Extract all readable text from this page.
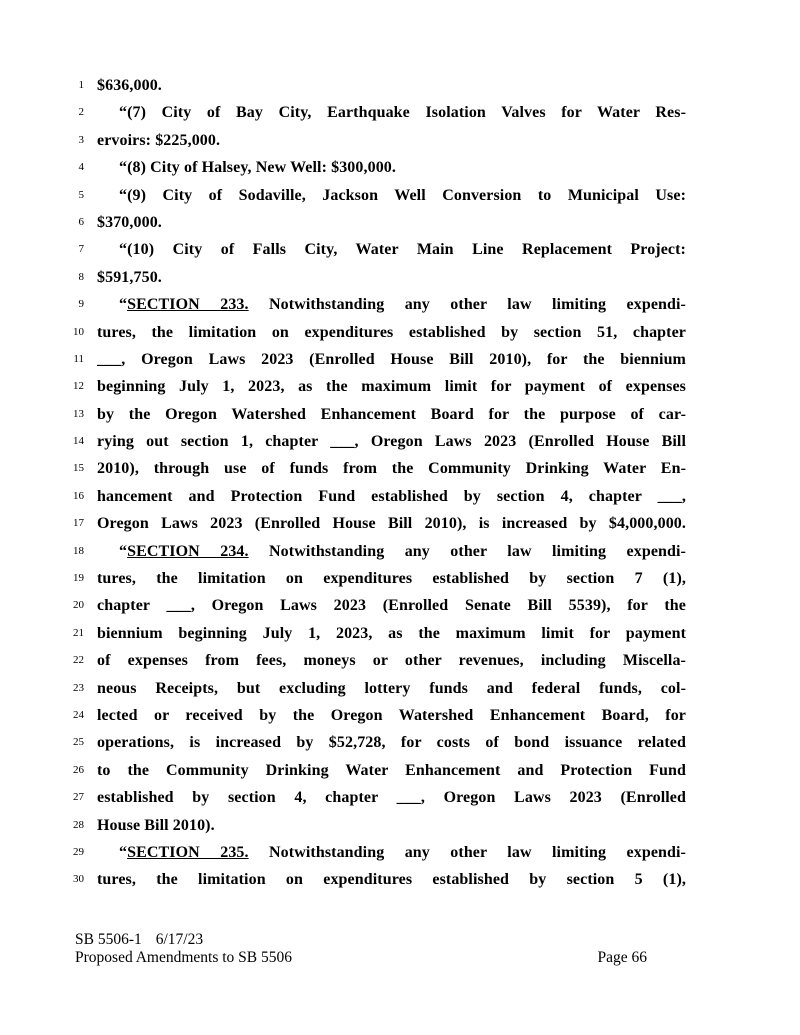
1 $636,000.
2	“(7) City of Bay City, Earthquake Isolation Valves for Water Res-
3 ervoirs: $225,000.
4	“(8) City of Halsey, New Well: $300,000.
5	“(9) City of Sodaville, Jackson Well Conversion to Municipal Use:
6 $370,000.
7	“(10) City of Falls City, Water Main Line Replacement Project:
8 $591,750.
9	“SECTION 233. Notwithstanding any other law limiting expendi-
10 tures, the limitation on expenditures established by section 51, chapter
11 ___, Oregon Laws 2023 (Enrolled House Bill 2010), for the biennium
12 beginning July 1, 2023, as the maximum limit for payment of expenses
13 by the Oregon Watershed Enhancement Board for the purpose of car-
14 rying out section 1, chapter ___, Oregon Laws 2023 (Enrolled House Bill
15 2010), through use of funds from the Community Drinking Water En-
16 hancement and Protection Fund established by section 4, chapter ___,
17 Oregon Laws 2023 (Enrolled House Bill 2010), is increased by $4,000,000.
18	“SECTION 234. Notwithstanding any other law limiting expendi-
19 tures, the limitation on expenditures established by section 7 (1),
20 chapter ___, Oregon Laws 2023 (Enrolled Senate Bill 5539), for the
21 biennium beginning July 1, 2023, as the maximum limit for payment
22 of expenses from fees, moneys or other revenues, including Miscella-
23 neous Receipts, but excluding lottery funds and federal funds, col-
24 lected or received by the Oregon Watershed Enhancement Board, for
25 operations, is increased by $52,728, for costs of bond issuance related
26 to the Community Drinking Water Enhancement and Protection Fund
27 established by section 4, chapter ___, Oregon Laws 2023 (Enrolled
28 House Bill 2010).
29	“SECTION 235. Notwithstanding any other law limiting expendi-
30 tures, the limitation on expenditures established by section 5 (1),
SB 5506-1 6/17/23
Proposed Amendments to SB 5506	Page 66
